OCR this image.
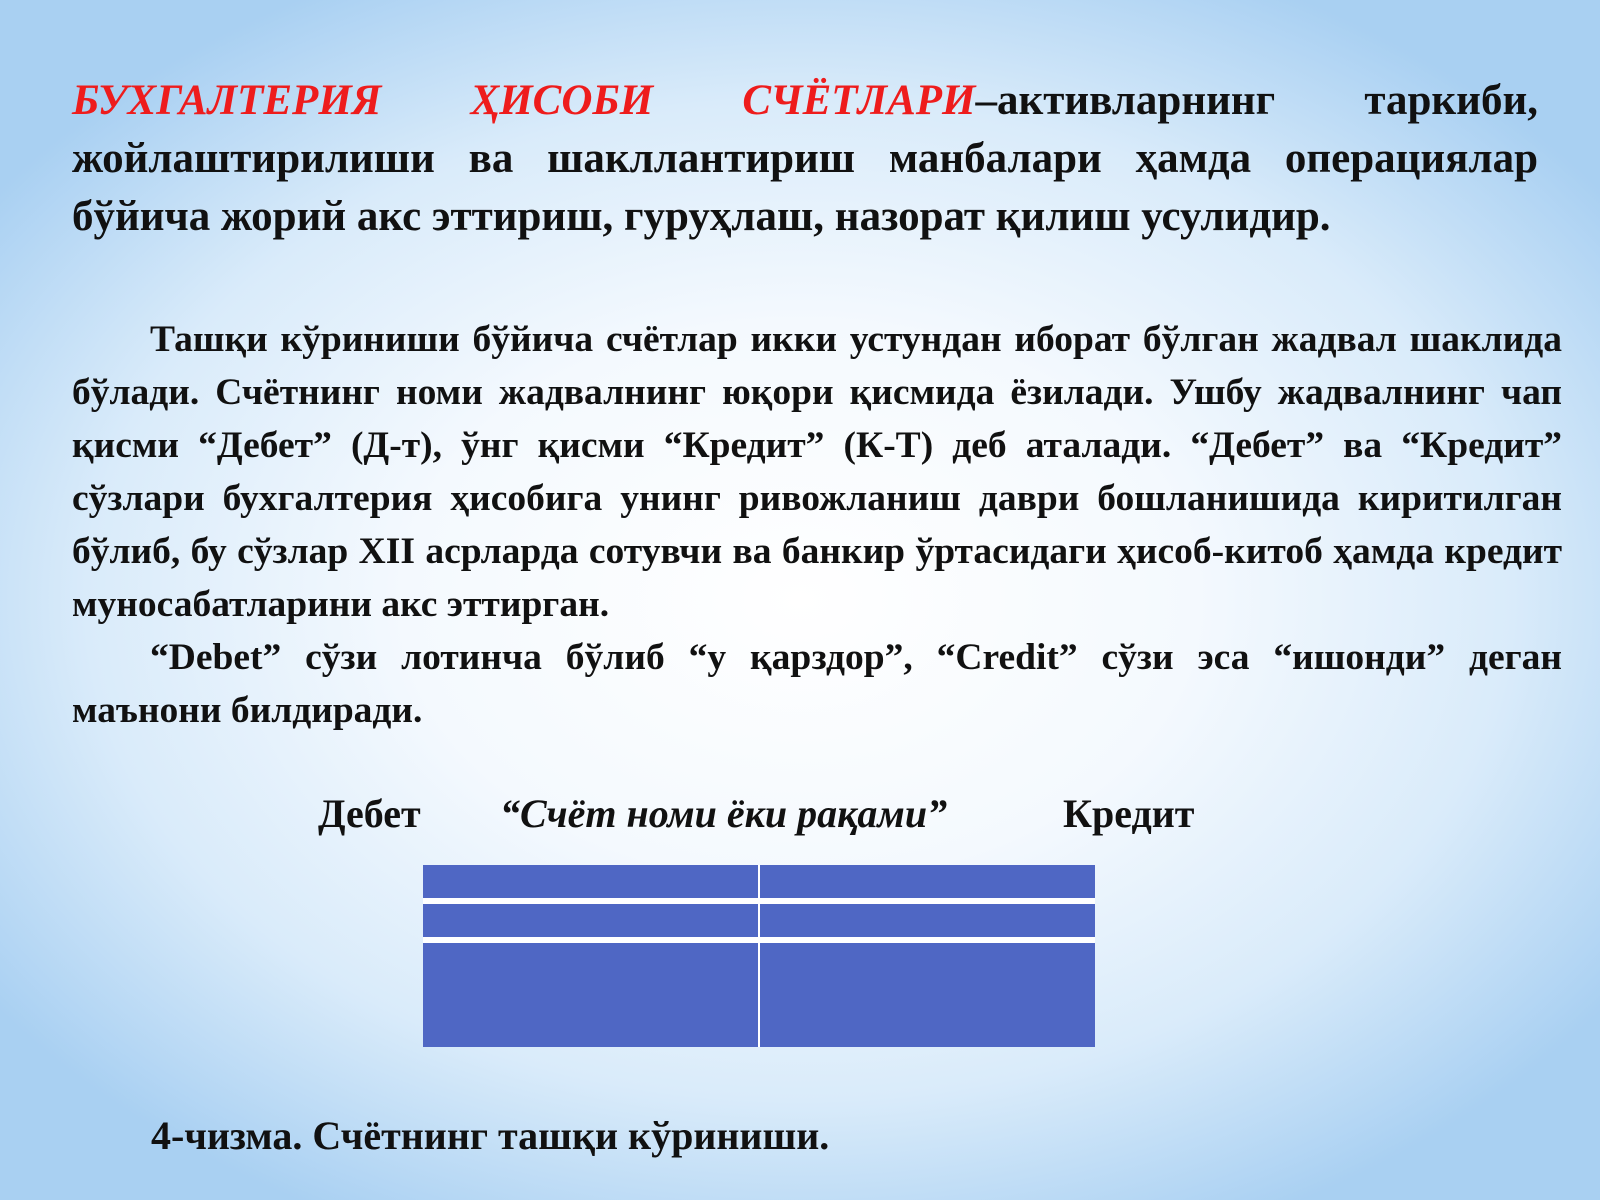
БУХГАЛТЕРИЯ ҲИСОБИ СЧЁТЛАРИ–активларнинг таркиби, жойлаштирилиши ва шакллантириш манбалари ҳамда операциялар бўйича жорий акс эттириш, гуруҳлаш, назорат қилиш усулидир.

Ташқи кўриниши бўйича счётлар икки устундан иборат бўлган жадвал шаклида бўлади. Счётнинг номи жадвалнинг юқори қисмида ёзилади. Ушбу жадвалнинг чап қисми “Дебет” (Д-т), ўнг қисми “Кредит” (К-Т) деб аталади. “Дебет” ва “Кредит” сўзлари бухгалтерия ҳисобига унинг ривожланиш даври бошланишида киритилган бўлиб, бу сўзлар XII асрларда сотувчи ва банкир ўртасидаги ҳисоб-китоб ҳамда кредит муносабатларини акс эттирган.

“Debet” сўзи лотинча бўлиб “у қарздор”, “Credit” сўзи эса “ишонди” деган маънони билдиради.

Дебет “Счёт номи ёки рақами”	Кредит
4-чизма. Счётнинг ташқи кўриниши.
